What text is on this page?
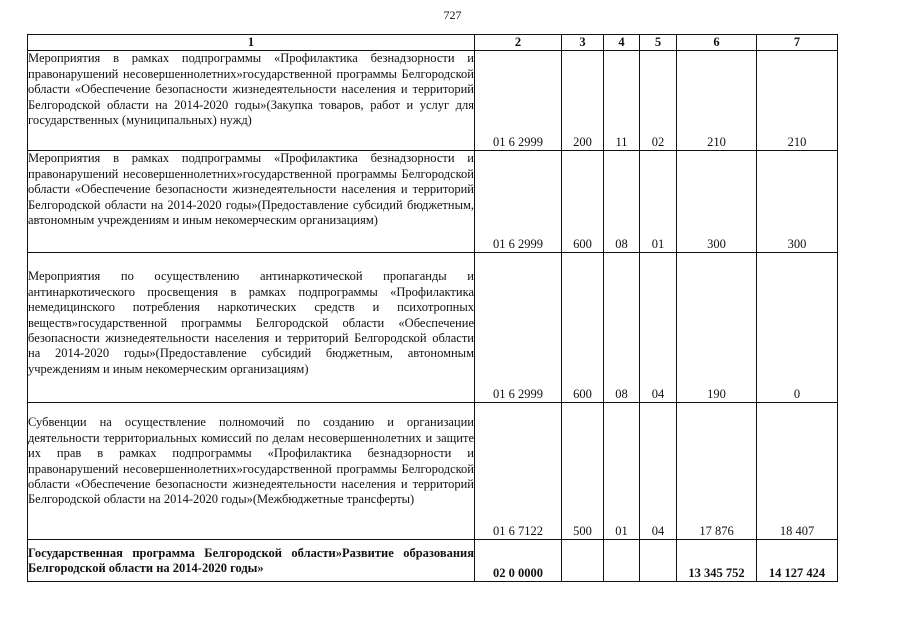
727
1	2	3	4	5	6	7
Мероприятия в рамках подпрограммы «Профилактика безнадзорности и правонарушений несовершеннолетних»государственной программы Белгородской области «Обеспечение безопасности жизнедеятельности населения и территорий Белгородской области на 2014-2020 годы»(Закупка товаров, работ и услуг для государственных (муниципальных) нужд)	01 6 2999	200	11	02	210	210
Мероприятия в рамках подпрограммы «Профилактика безнадзорности и правонарушений несовершеннолетних»государственной программы Белгородской области «Обеспечение безопасности жизнедеятельности населения и территорий Белгородской области на 2014-2020 годы»(Предоставление субсидий бюджетным, автономным учреждениям и иным некомерческим организациям)	01 6 2999	600	08	01	300	300
Мероприятия по осуществлению антинаркотической пропаганды и антинаркотического просвещения в рамках подпрограммы «Профилактика немедицинского потребления наркотических средств и психотропных веществ»государственной программы Белгородской области «Обеспечение безопасности жизнедеятельности населения и территорий Белгородской области на 2014-2020 годы»(Предоставление субсидий бюджетным, автономным учреждениям и иным некомерческим организациям)	01 6 2999	600	08	04	190	0
Субвенции на осуществление полномочий по созданию и организации деятельности территориальных комиссий по делам несовершеннолетних и защите их прав в рамках подпрограммы «Профилактика безнадзорности и правонарушений несовершеннолетних»государственной программы Белгородской области «Обеспечение безопасности жизнедеятельности населения и территорий Белгородской области на 2014-2020 годы»(Межбюджетные трансферты)	01 6 7122	500	01	04	17 876	18 407
Государственная программа Белгородской области»Развитие образования Белгородской области на 2014-2020 годы»	02 0 0000				13 345 752	14 127 424
